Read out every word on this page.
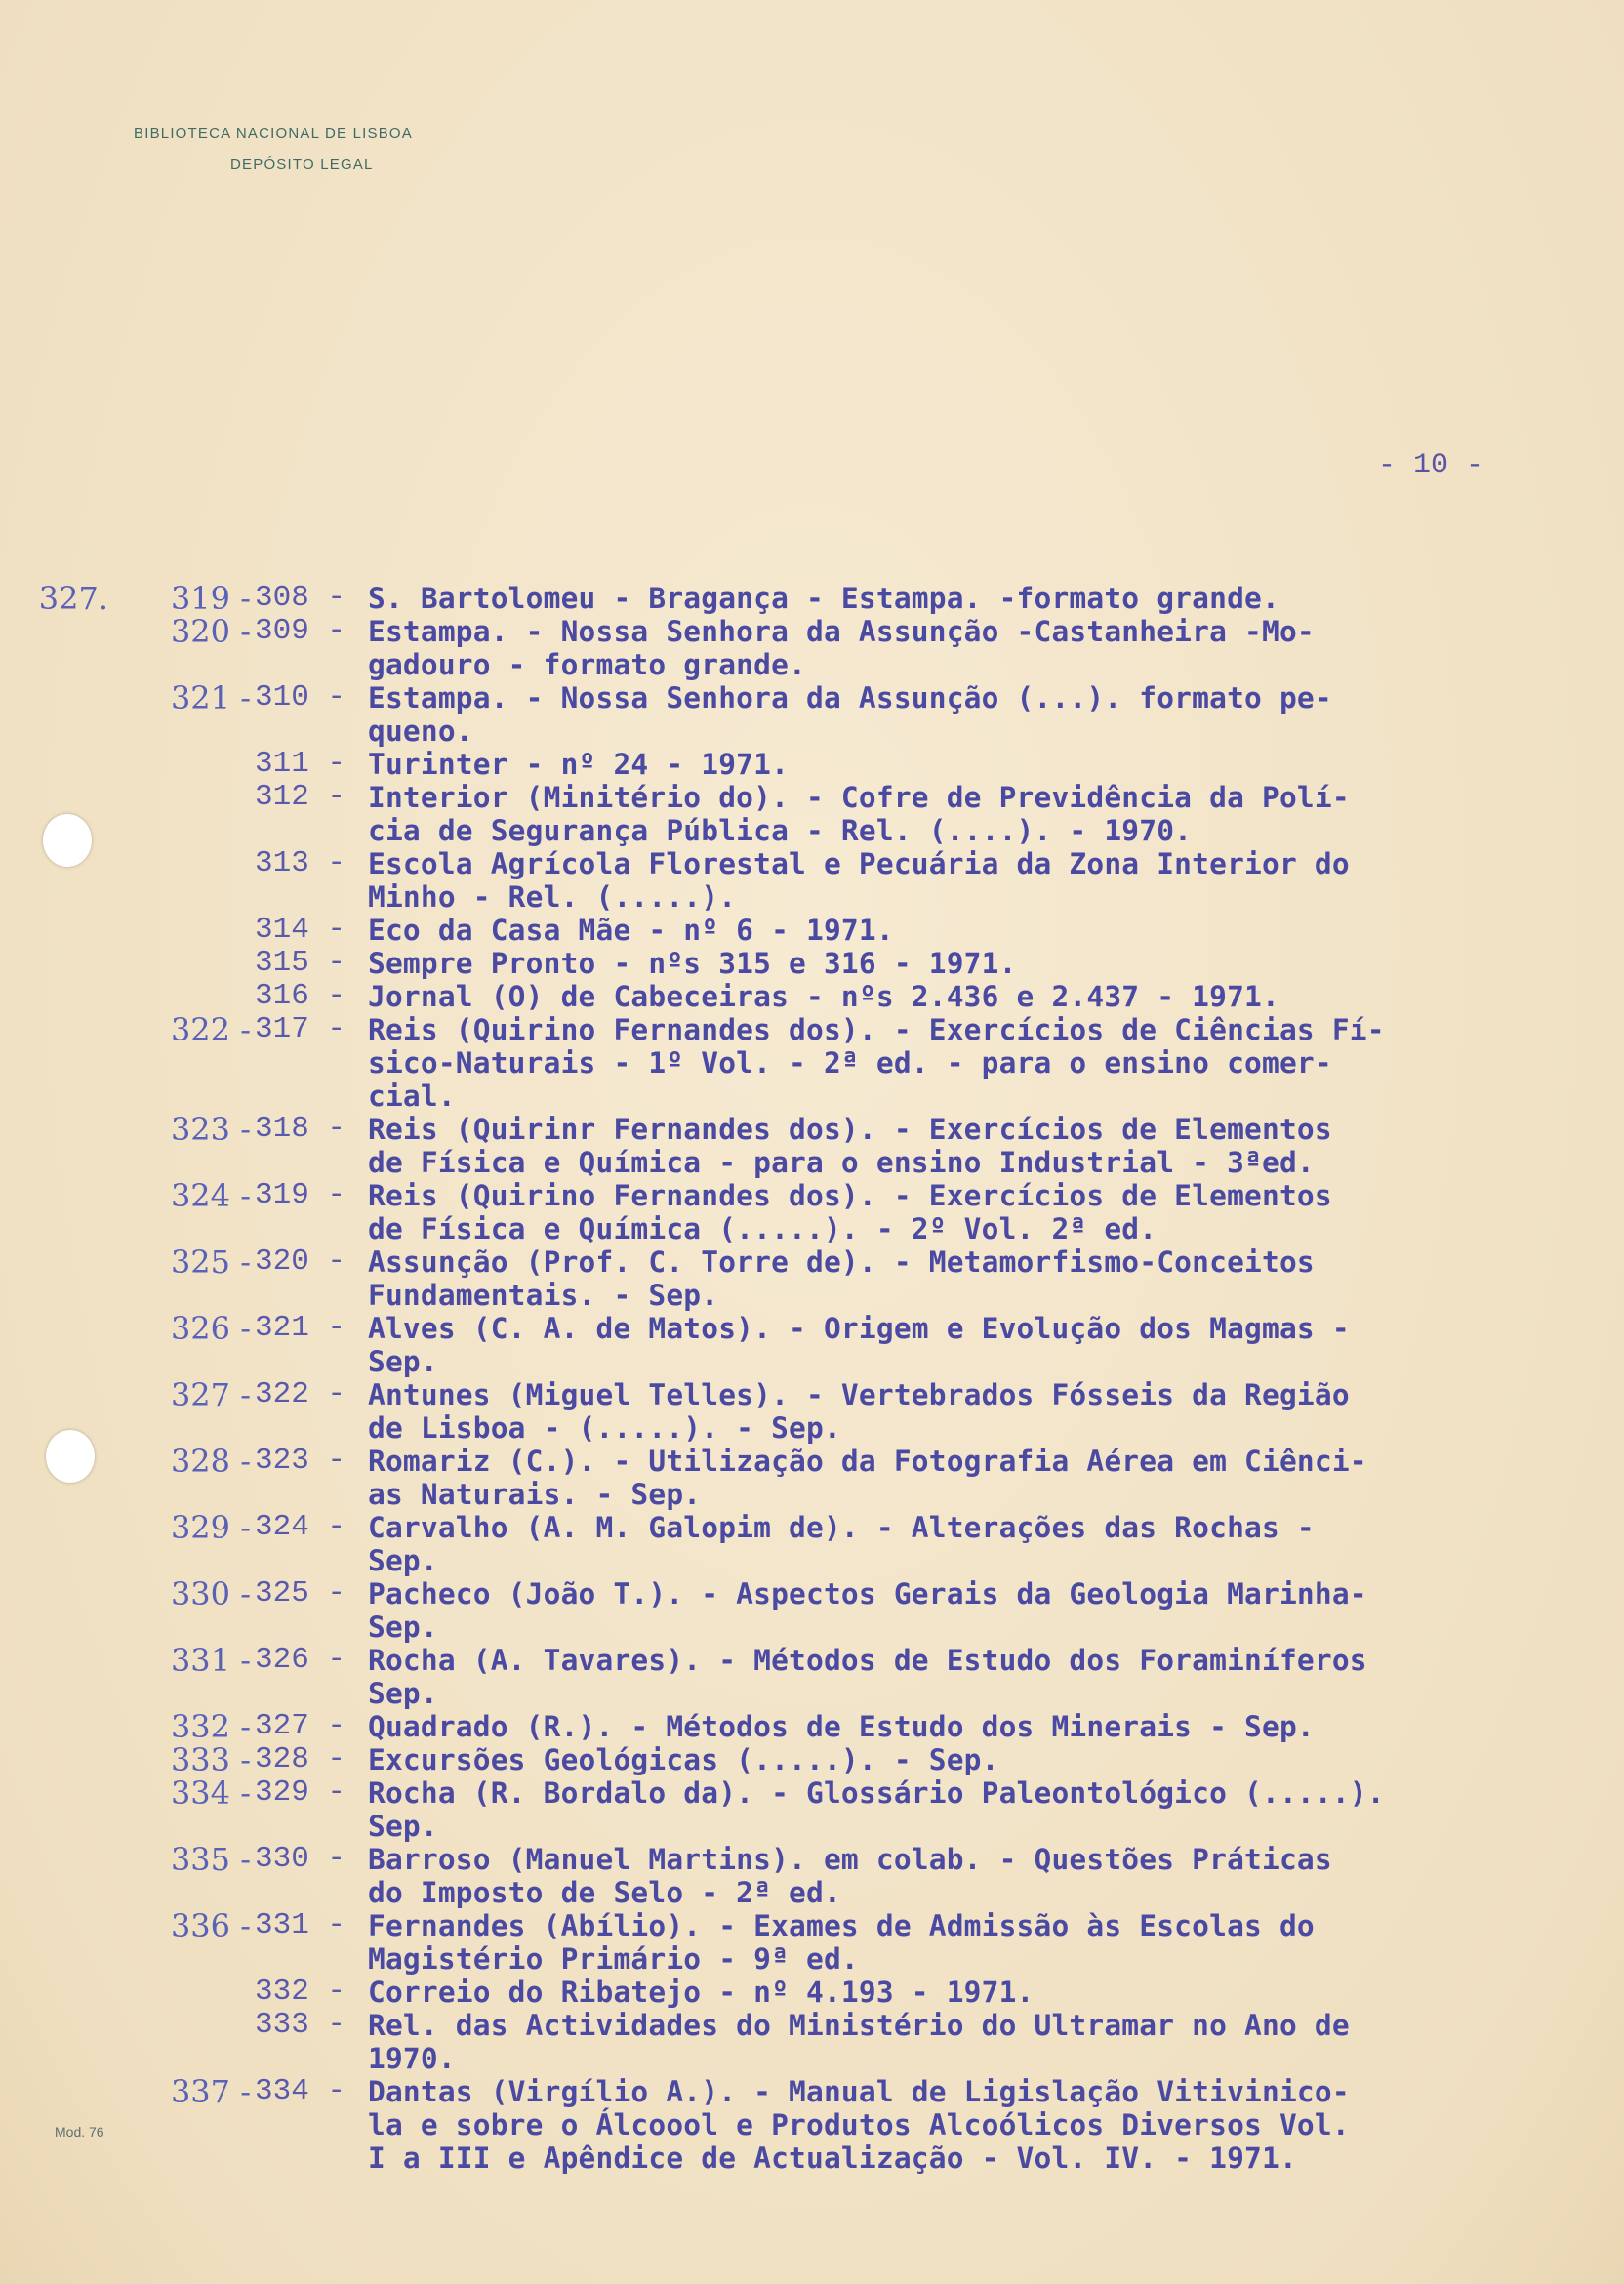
BIBLIOTECA NACIONAL DE LISBOA
DEPÓSITO LEGAL
- 10 -
327.	319 - 308 - S. Bartolomeu - Bragança - Estampa. -formato grande.
320 - 309 - Estampa. - Nossa Senhora da Assunção -Castanheira -Mo-
gadouro - formato grande.
321 - 310 - Estampa. - Nossa Senhora da Assunção (...). formato pe-
queno.
311 - Turinter - nº 24 - 1971.
312 - Interior (Minitério do). - Cofre de Previdência da Polí-
cia de Segurança Pública - Rel. (....). - 1970.
313 - Escola Agrícola Florestal e Pecuária da Zona Interior do
Minho - Rel. (.....).
314 - Eco da Casa Mãe - nº 6 - 1971.
315 - Sempre Pronto - nºs 315 e 316 - 1971.
316 - Jornal (O) de Cabeceiras - nºs 2.436 e 2.437 - 1971.
322 - 317 - Reis (Quirino Fernandes dos). - Exercícios de Ciências Fí-
sico-Naturais - 1º Vol. - 2ª ed. - para o ensino comer-
cial.
323 - 318 - Reis (Quirinr Fernandes dos). - Exercícios de Elementos
de Física e Química - para o ensino Industrial - 3ªed.
324 - 319 - Reis (Quirino Fernandes dos). - Exercícios de Elementos
de Física e Química (.....). - 2º Vol. 2ª ed.
325 - 320 - Assunção (Prof. C. Torre de). - Metamorfismo-Conceitos
Fundamentais. - Sep.
326 - 321 - Alves (C. A. de Matos). - Origem e Evolução dos Magmas -
Sep.
327 - 322 - Antunes (Miguel Telles). - Vertebrados Fósseis da Região
de Lisboa - (.....). - Sep.
328 - 323 - Romariz (C.). - Utilização da Fotografia Aérea em Ciênci-
as Naturais. - Sep.
329 - 324 - Carvalho (A. M. Galopim de). - Alterações das Rochas -
Sep.
330 - 325 - Pacheco (João T.). - Aspectos Gerais da Geologia Marinha-
Sep.
331 - 326 - Rocha (A. Tavares). - Métodos de Estudo dos Foraminíferos
Sep.
332 - 327 - Quadrado (R.). - Métodos de Estudo dos Minerais - Sep.
333 - 328 - Excursões Geológicas (.....). - Sep.
334 - 329 - Rocha (R. Bordalo da). - Glossário Paleontológico (.....).
Sep.
335 - 330 - Barroso (Manuel Martins). em colab. - Questões Práticas
do Imposto de Selo - 2ª ed.
336 - 331 - Fernandes (Abílio). - Exames de Admissão às Escolas do
Magistério Primário - 9ª ed.
332 - Correio do Ribatejo - nº 4.193 - 1971.
333 - Rel. das Actividades do Ministério do Ultramar no Ano de
1970.
337 - 334 - Dantas (Virgílio A.). - Manual de Ligislação Vitivinico-
la e sobre o Álcoool e Produtos Alcoólicos Diversos Vol.
I a III e Apêndice de Actualização - Vol. IV. - 1971.
Mod. 76
